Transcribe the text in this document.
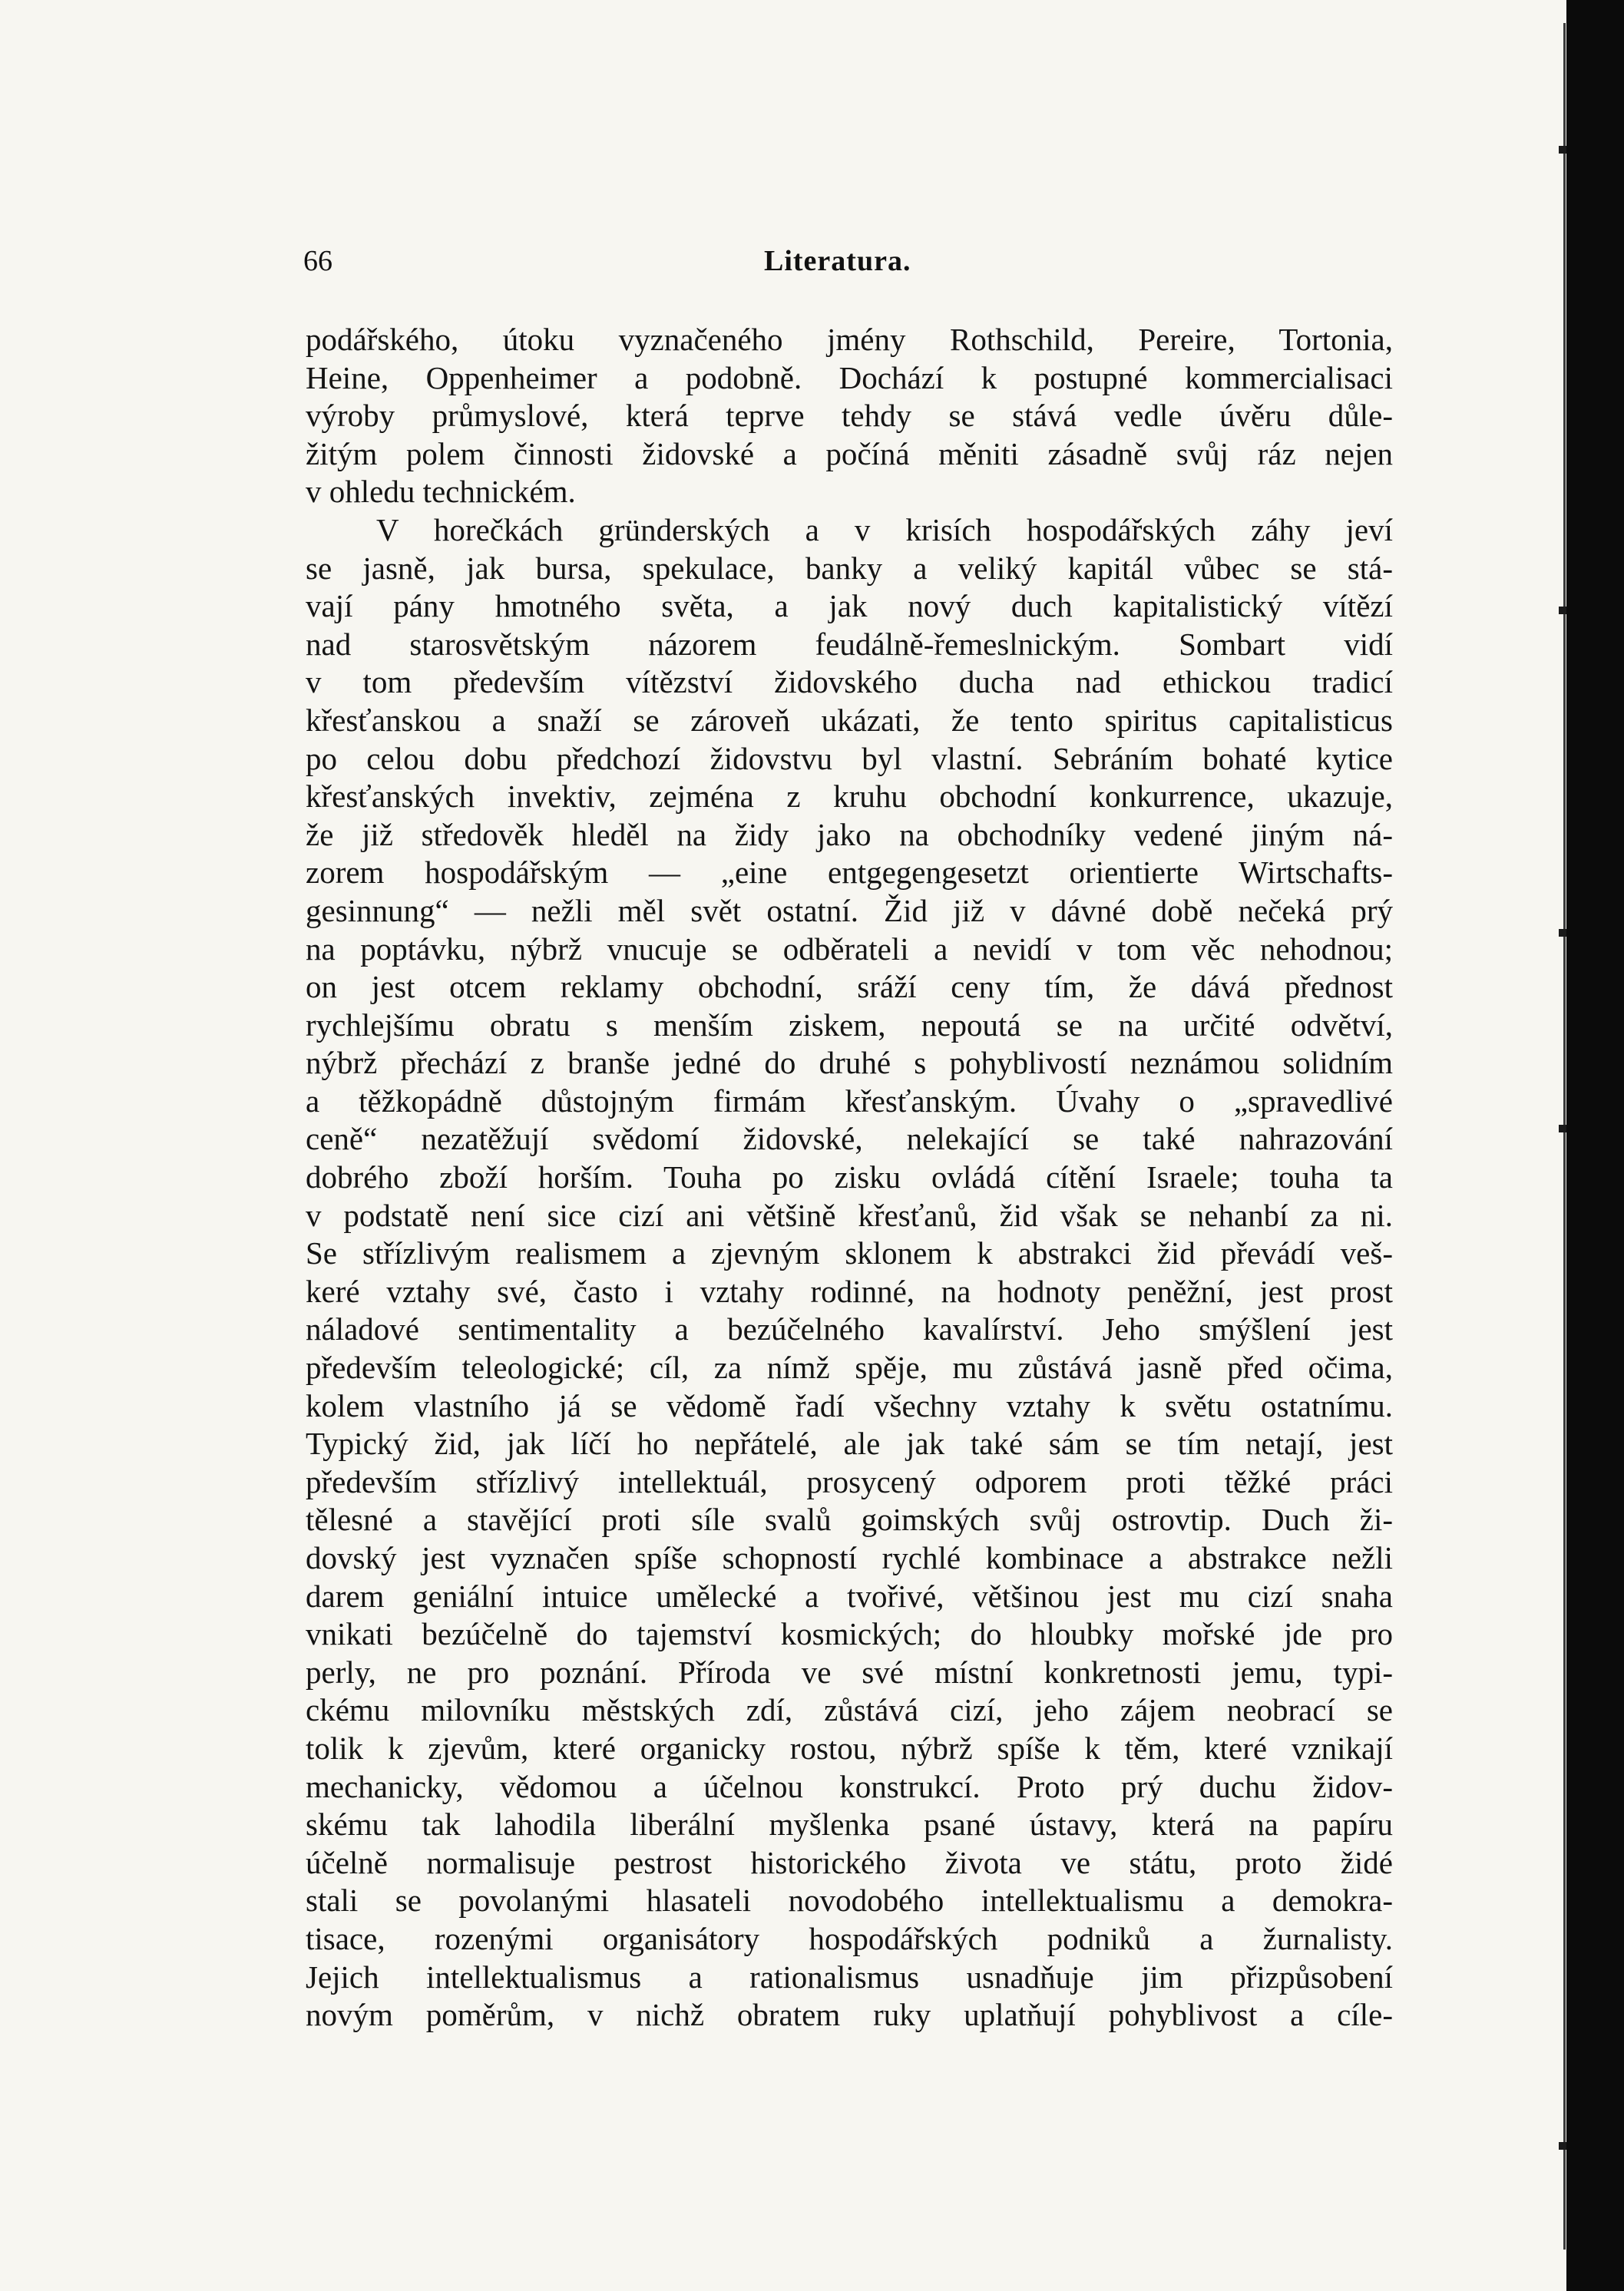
66	Literatura.
podářského, útoku vyznačeného jmény Rothschild, Pereire, Tortonia,
Heine, Oppenheimer a podobně. Dochází k postupné kommercialisaci
výroby průmyslové, která teprve tehdy se stává vedle úvěru důle-
žitým polem činnosti židovské a počíná měniti zásadně svůj ráz nejen
v ohledu technickém.
V horečkách gründerských a v krisích hospodářských záhy jeví
se jasně, jak bursa, spekulace, banky a veliký kapitál vůbec se stá-
vají pány hmotného světa, a jak nový duch kapitalistický vítězí
nad starosvětským názorem feudálně-řemeslnickým. Sombart vidí
v tom především vítězství židovského ducha nad ethickou tradicí
křesťanskou a snaží se zároveň ukázati, že tento spiritus capitalisticus
po celou dobu předchozí židovstvu byl vlastní. Sebráním bohaté kytice
křesťanských invektiv, zejména z kruhu obchodní konkurrence, ukazuje,
že již středověk hleděl na židy jako na obchodníky vedené jiným ná-
zorem hospodářským — „eine entgegengesetzt orientierte Wirtschafts-
gesinnung“ — nežli měl svět ostatní. Žid již v dávné době nečeká prý
na poptávku, nýbrž vnucuje se odběrateli a nevidí v tom věc nehodnou;
on jest otcem reklamy obchodní, sráží ceny tím, že dává přednost
rychlejšímu obratu s menším ziskem, nepoutá se na určité odvětví,
nýbrž přechází z branše jedné do druhé s pohyblivostí neznámou solidním
a těžkopádně důstojným firmám křesťanským. Úvahy o „spravedlivé
ceně“ nezatěžují svědomí židovské, nelekající se také nahrazování
dobrého zboží horším. Touha po zisku ovládá cítění Israele; touha ta
v podstatě není sice cizí ani většině křesťanů, žid však se nehanbí za ni.
Se střízlivým realismem a zjevným sklonem k abstrakci žid převádí veš-
keré vztahy své, často i vztahy rodinné, na hodnoty peněžní, jest prost
náladové sentimentality a bezúčelného kavalírství. Jeho smýšlení jest
především teleologické; cíl, za nímž spěje, mu zůstává jasně před očima,
kolem vlastního já se vědomě řadí všechny vztahy k světu ostatnímu.
Typický žid, jak líčí ho nepřátelé, ale jak také sám se tím netají, jest
především střízlivý intellektuál, prosycený odporem proti těžké práci
tělesné a stavějící proti síle svalů goimských svůj ostrovtip. Duch ži-
dovský jest vyznačen spíše schopností rychlé kombinace a abstrakce nežli
darem geniální intuice umělecké a tvořivé, většinou jest mu cizí snaha
vnikati bezúčelně do tajemství kosmických; do hloubky mořské jde pro
perly, ne pro poznání. Příroda ve své místní konkretnosti jemu, typi-
ckému milovníku městských zdí, zůstává cizí, jeho zájem neobrací se
tolik k zjevům, které organicky rostou, nýbrž spíše k těm, které vznikají
mechanicky, vědomou a účelnou konstrukcí. Proto prý duchu židov-
skému tak lahodila liberální myšlenka psané ústavy, která na papíru
účelně normalisuje pestrost historického života ve státu, proto židé
stali se povolanými hlasateli novodobého intellektualismu a demokra-
tisace, rozenými organisátory hospodářských podniků a žurnalisty.
Jejich intellektualismus a rationalismus usnadňuje jim přizpůsobení
novým poměrům, v nichž obratem ruky uplatňují pohyblivost a cíle-
